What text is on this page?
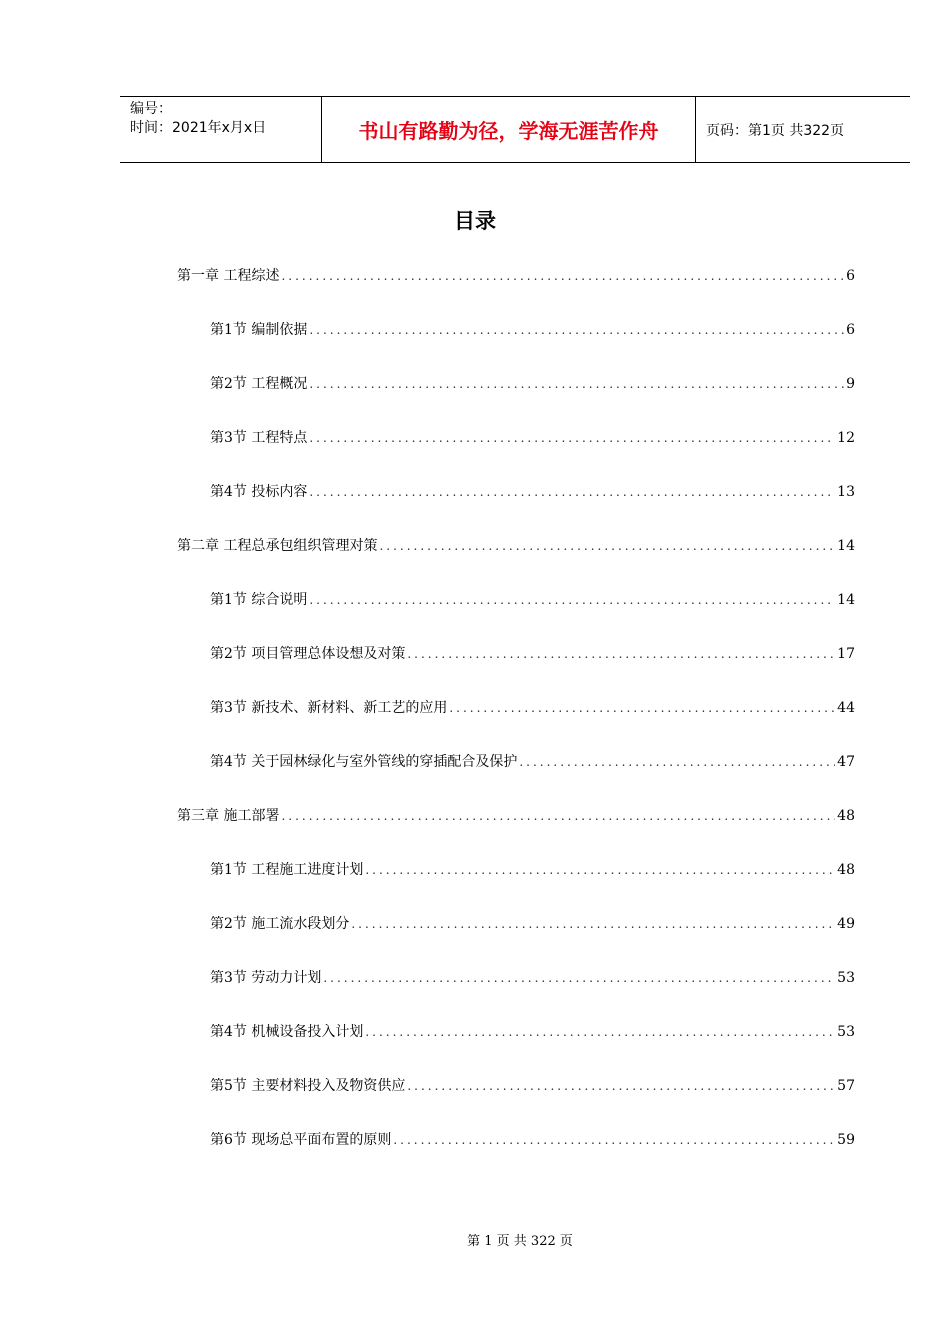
编号：
时间：2021年x月x日	书山有路勤为径，学海无涯苦作舟	页码：第1页 共322页
目录
第一章 工程综述 .....	6
第1节 编制依据 .....	6
第2节 工程概况 .....	9
第3节 工程特点 .....	12
第4节 投标内容 .....	13
第二章 工程总承包组织管理对策 .....	14
第1节 综合说明 .....	14
第2节 项目管理总体设想及对策 .....	17
第3节 新技术、新材料、新工艺的应用 .....	44
第4节 关于园林绿化与室外管线的穿插配合及保护 .....	47
第三章 施工部署 .....	48
第1节 工程施工进度计划 .....	48
第2节 施工流水段划分 .....	49
第3节 劳动力计划 .....	53
第4节 机械设备投入计划 .....	53
第5节 主要材料投入及物资供应 .....	57
第6节 现场总平面布置的原则 .....	59
第 1 页 共 322 页
